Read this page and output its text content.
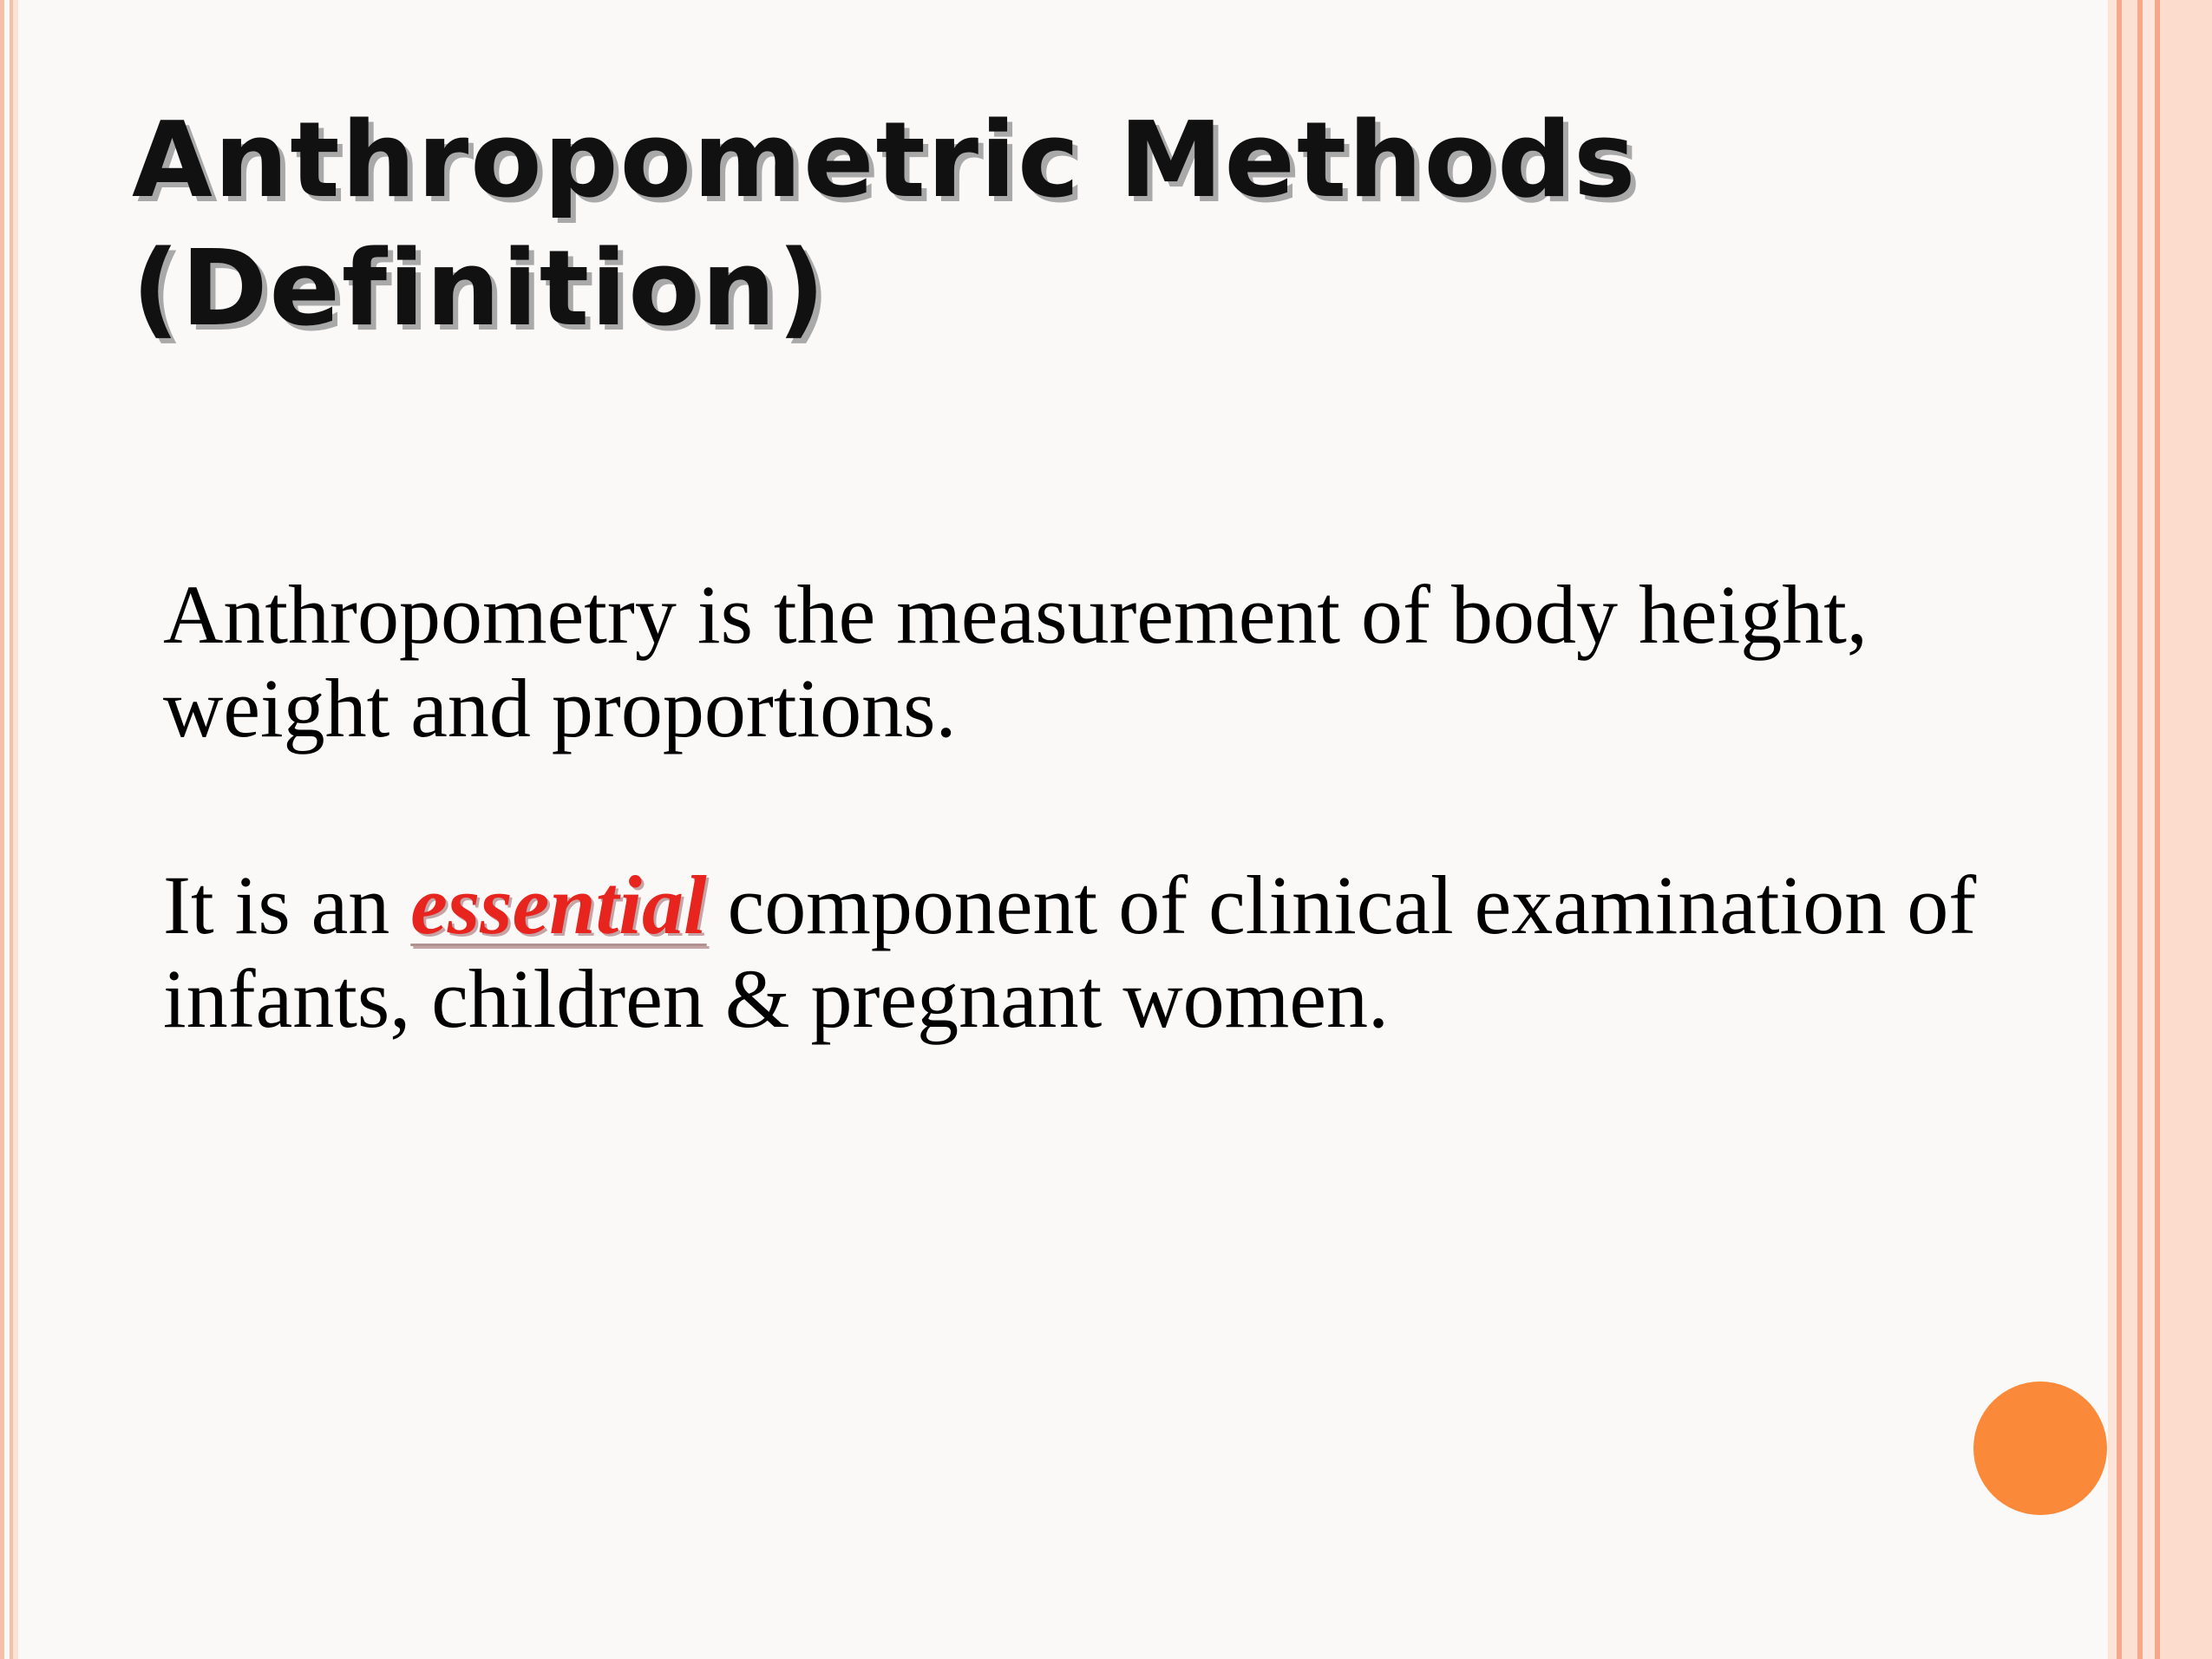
Anthropometric Methods
(Definition)

Anthropometry is the measurement of body height,
weight and proportions.

It is an essential component of clinical examination of
infants, children & pregnant women.
